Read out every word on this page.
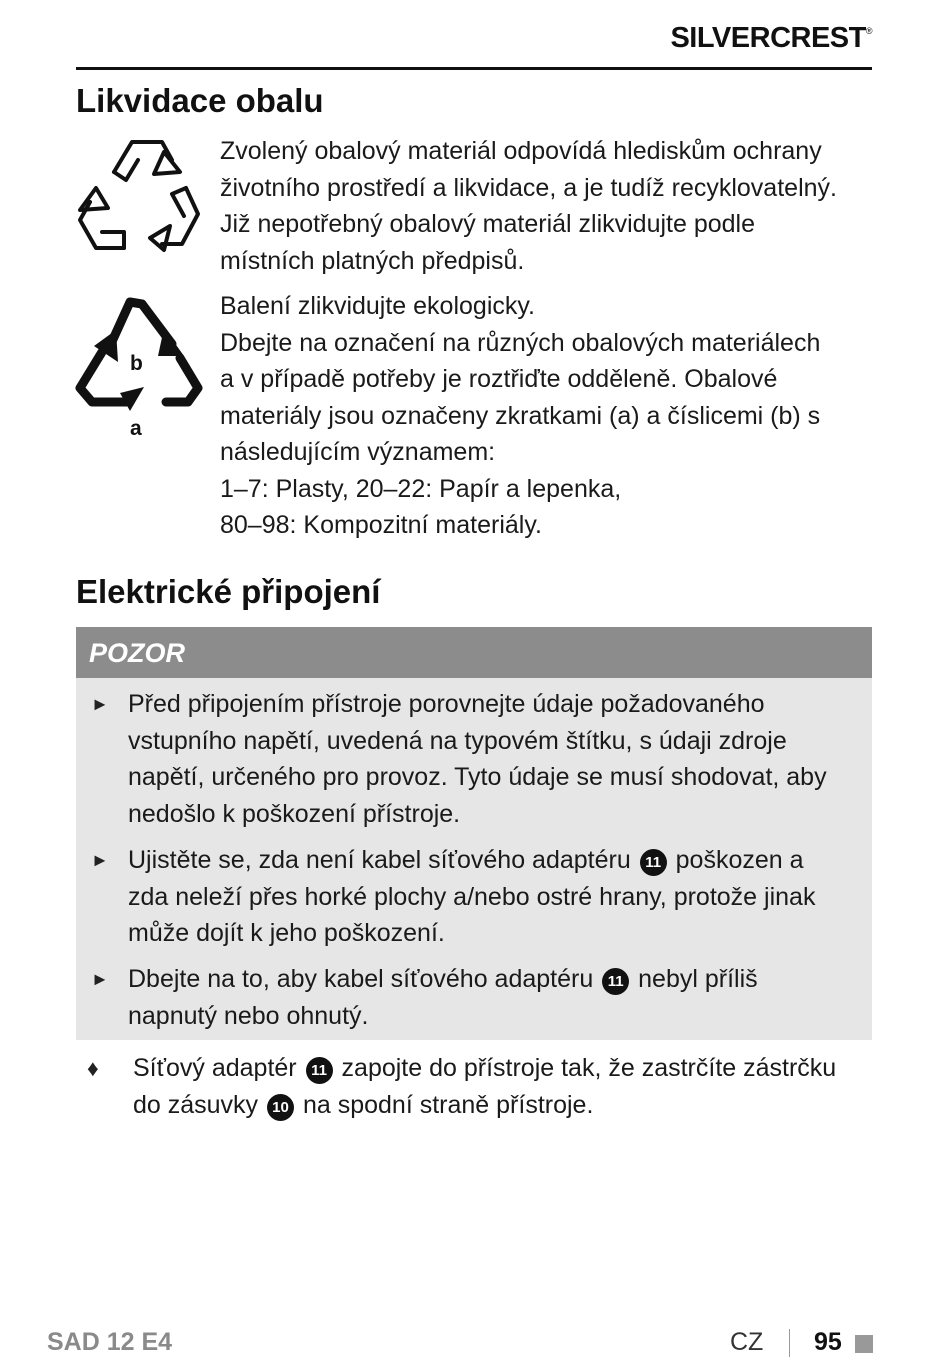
SILVERCREST®
Likvidace obalu
Zvolený obalový materiál odpovídá hlediskům ochrany
životního prostředí a likvidace, a je tudíž recyklovatelný.
Již nepotřebný obalový materiál zlikvidujte podle
místních platných předpisů.
b
a
Balení zlikvidujte ekologicky.
Dbejte na označení na různých obalových materiálech
a v případě potřeby je roztřiďte odděleně. Obalové
materiály jsou označeny zkratkami (a) a číslicemi (b) s
následujícím významem:
1–7: Plasty, 20–22: Papír a lepenka,
80–98: Kompozitní materiály.
Elektrické připojení
POZOR
► Před připojením přístroje porovnejte údaje požadovaného
vstupního napětí, uvedená na typovém štítku, s údaji zdroje
napětí, určeného pro provoz. Tyto údaje se musí shodovat, aby
nedošlo k poškození přístroje.
► Ujistěte se, zda není kabel síťového adaptéru 11 poškozen a
zda neleží přes horké plochy a/nebo ostré hrany, protože jinak
může dojít k jeho poškození.
► Dbejte na to, aby kabel síťového adaptéru 11 nebyl příliš
napnutý nebo ohnutý.
♦ Síťový adaptér 11 zapojte do přístroje tak, že zastrčíte zástrčku
do zásuvky 10 na spodní straně přístroje.
SAD 12 E4	CZ 95
